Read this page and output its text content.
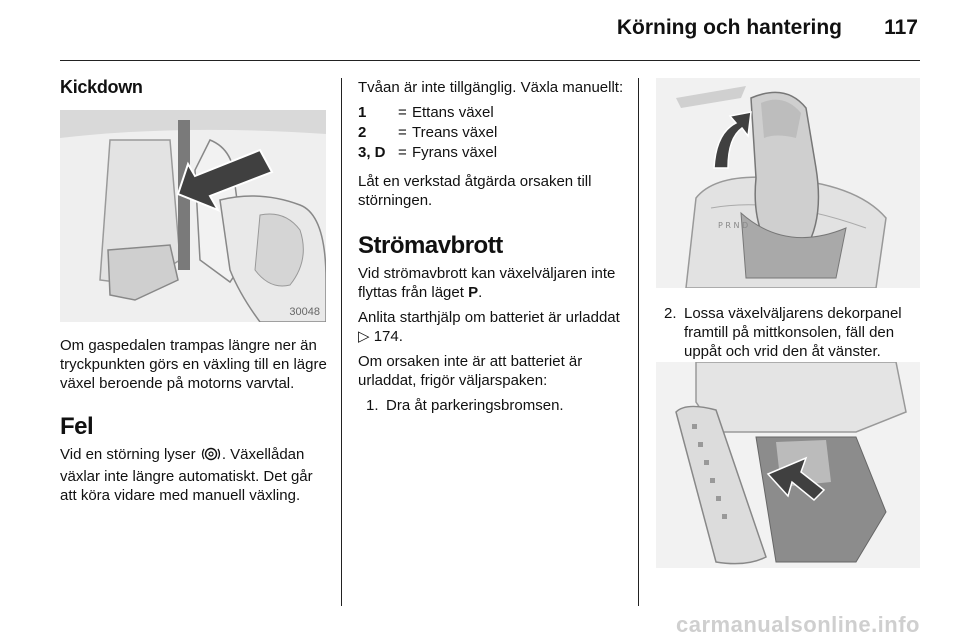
Körning och hantering 117
Kickdown
30048

Om gaspedalen trampas längre ner än tryckpunkten görs en växling till en lägre växel beroende på motorns varvtal.

Fel

Vid en störning lyser . Växellådan växlar inte längre automatiskt. Det går att köra vidare med manuell växling.

Tvåan är inte tillgänglig. Växla manuellt:

1	= Ettans växel
2	= Treans växel
3, D = Fyrans växel

Låt en verkstad åtgärda orsaken till störningen.

Strömavbrott

Vid strömavbrott kan växelväljaren inte flyttas från läget P.

Anlita starthjälp om batteriet är urladdat ▷ 174.

Om orsaken inte är att batteriet är urladdat, frigör väljarspaken:

1. Dra åt parkeringsbromsen.
P R N D
2. Lossa växelväljarens dekorpanel framtill på mittkonsolen, fäll den uppåt och vrid den åt vänster.
carmanualsonline.info
